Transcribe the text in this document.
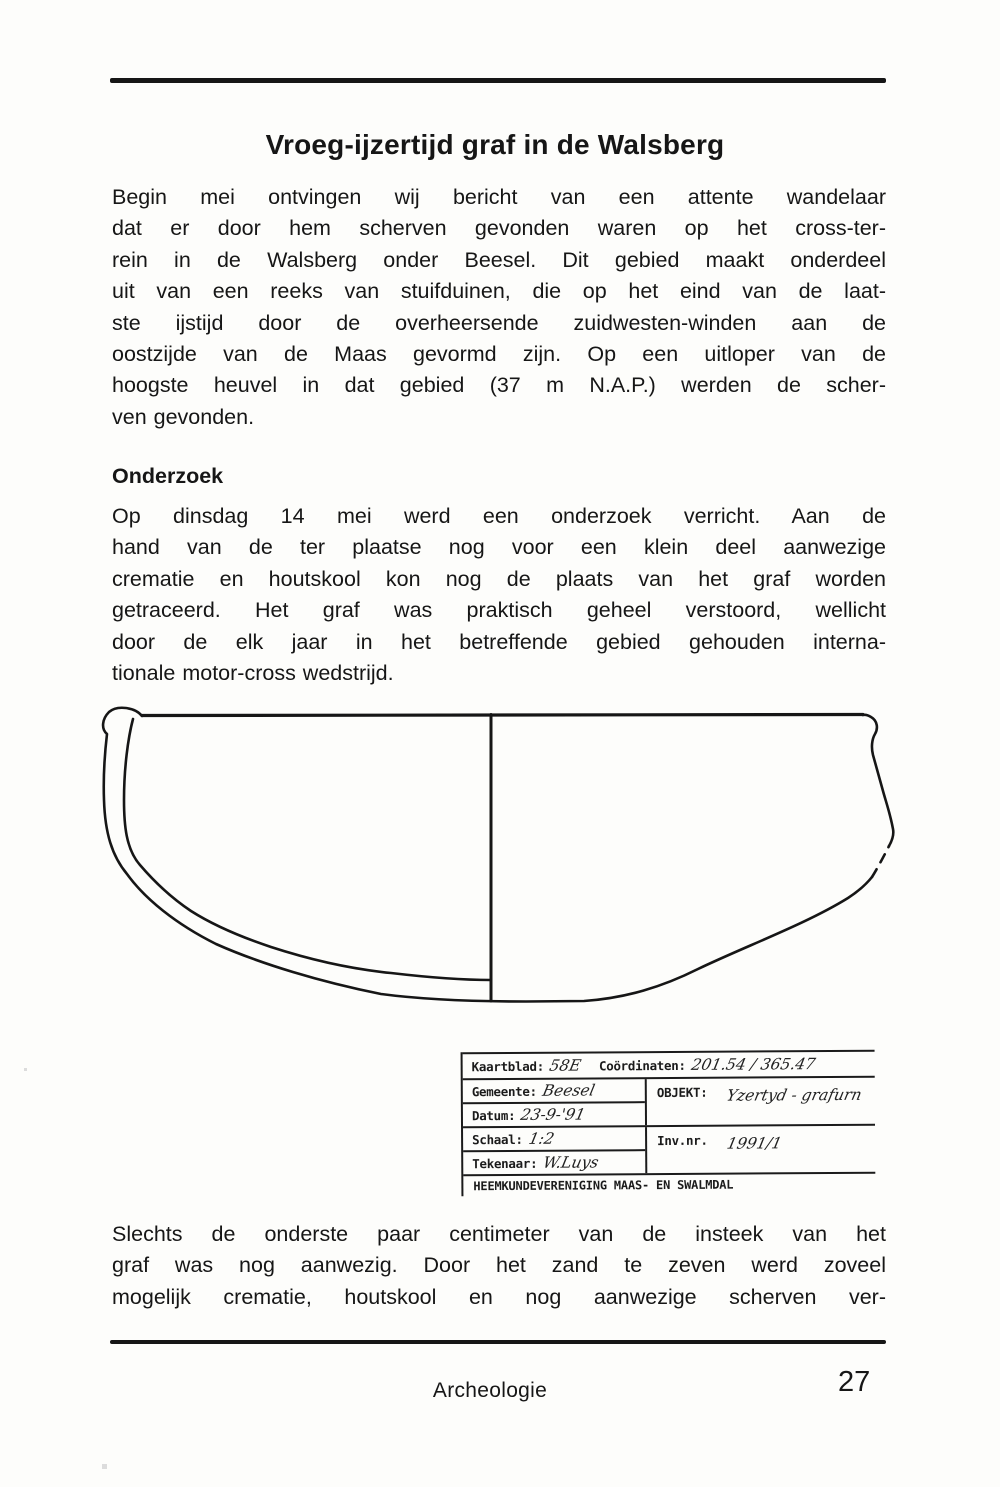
Vroeg-ijzertijd graf in de Walsberg
Begin mei ontvingen wij bericht van een attente wandelaar
dat er door hem scherven gevonden waren op het cross-ter-
rein in de Walsberg onder Beesel. Dit gebied maakt onderdeel
uit van een reeks van stuifduinen, die op het eind van de laat-
ste ijstijd door de overheersende zuidwesten-winden aan de
oostzijde van de Maas gevormd zijn. Op een uitloper van de
hoogste heuvel in dat gebied (37 m N.A.P.) werden de scher-
ven gevonden.
Onderzoek
Op dinsdag 14 mei werd een onderzoek verricht. Aan de
hand van de ter plaatse nog voor een klein deel aanwezige
crematie en houtskool kon nog de plaats van het graf worden
getraceerd. Het graf was praktisch geheel verstoord, wellicht
door de elk jaar in het betreffende gebied gehouden interna-
tionale motor-cross wedstrijd.
Kaartblad: 58E Coördinaten: 201.54 / 365.47
Gemeente: Beesel
Datum: 23-9-'91
OBJEKT: Yzertyd - grafurn
Schaal: 1:2
Tekenaar: W.Luys
Inv.nr. 1991/1
HEEMKUNDEVERENIGING MAAS- EN SWALMDAL
Slechts de onderste paar centimeter van de insteek van het
graf was nog aanwezig. Door het zand te zeven werd zoveel
mogelijk crematie, houtskool en nog aanwezige scherven ver-
Archeologie	27
